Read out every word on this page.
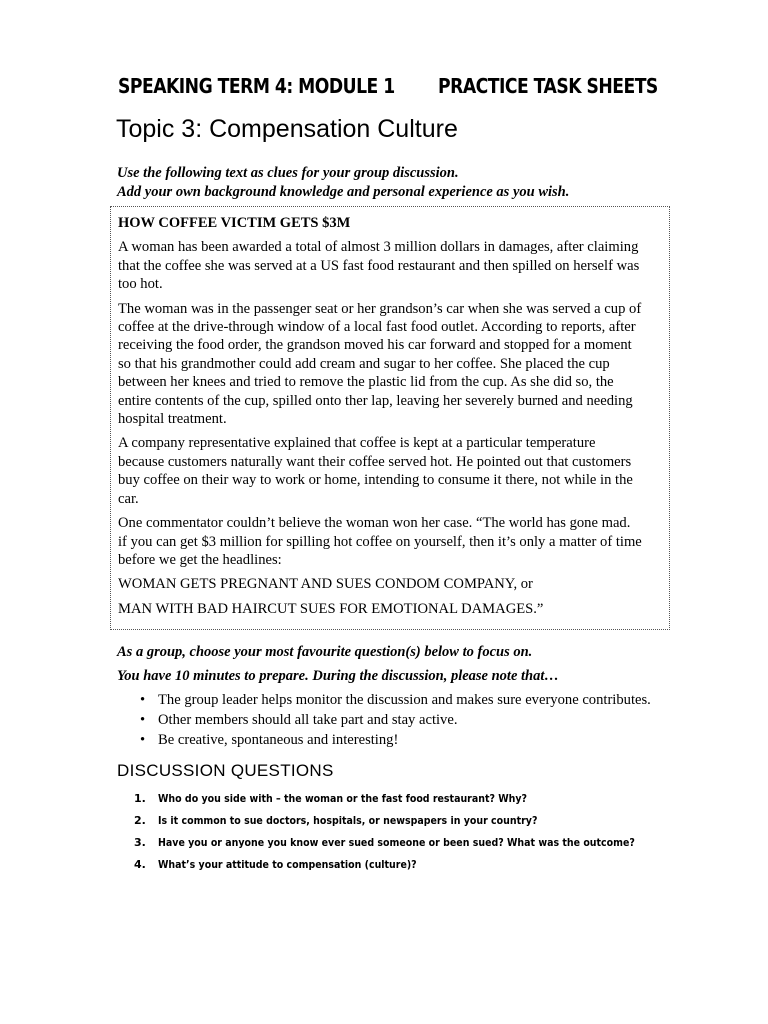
SPEAKING TERM 4: MODULE 1 PRACTICE TASK SHEETS
Topic 3: Compensation Culture
Use the following text as clues for your group discussion.
Add your own background knowledge and personal experience as you wish.
HOW COFFEE VICTIM GETS $3M

A woman has been awarded a total of almost 3 million dollars in damages, after claiming
that the coffee she was served at a US fast food restaurant and then spilled on herself was
too hot.

The woman was in the passenger seat or her grandson’s car when she was served a cup of
coffee at the drive-through window of a local fast food outlet. According to reports, after
receiving the food order, the grandson moved his car forward and stopped for a moment
so that his grandmother could add cream and sugar to her coffee. She placed the cup
between her knees and tried to remove the plastic lid from the cup. As she did so, the
entire contents of the cup, spilled onto ther lap, leaving her severely burned and needing
hospital treatment.

A company representative explained that coffee is kept at a particular temperature
because customers naturally want their coffee served hot. He pointed out that customers
buy coffee on their way to work or home, intending to consume it there, not while in the
car.

One commentator couldn’t believe the woman won her case. “The world has gone mad.
if you can get $3 million for spilling hot coffee on yourself, then it’s only a matter of time
before we get the headlines:

WOMAN GETS PREGNANT AND SUES CONDOM COMPANY, or

MAN WITH BAD HAIRCUT SUES FOR EMOTIONAL DAMAGES.”

As a group, choose your most favourite question(s) below to focus on.
You have 10 minutes to prepare. During the discussion, please note that…
• The group leader helps monitor the discussion and makes sure everyone contributes.
• Other members should all take part and stay active.
• Be creative, spontaneous and interesting!
DISCUSSION QUESTIONS
1. Who do you side with – the woman or the fast food restaurant? Why?
2. Is it common to sue doctors, hospitals, or newspapers in your country?
3. Have you or anyone you know ever sued someone or been sued? What was the outcome?
4. What’s your attitude to compensation (culture)?
